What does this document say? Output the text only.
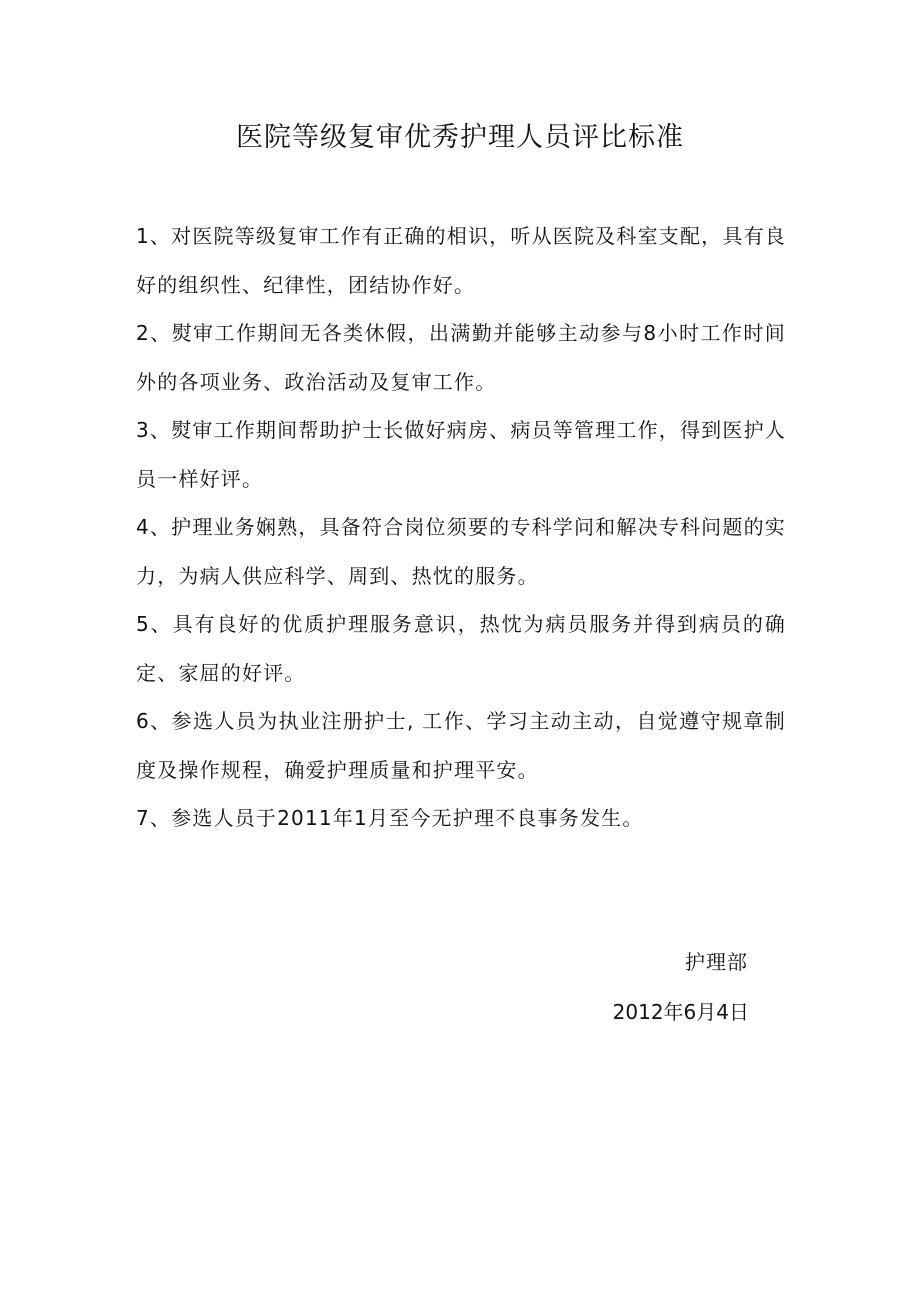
医院等级复审优秀护理人员评比标准
1、对医院等级复审工作有正确的相识，听从医院及科室支配，具有良好的组织性、纪律性，团结协作好。
2、熨审工作期间无各类休假，出满勤并能够主动参与8小时工作时间外的各项业务、政治活动及复审工作。
3、熨审工作期间帮助护士长做好病房、病员等管理工作，得到医护人员一样好评。
4、护理业务娴熟，具备符合岗位须要的专科学问和解决专科问题的实力，为病人供应科学、周到、热忱的服务。
5、具有良好的优质护理服务意识，热忱为病员服务并得到病员的确定、家屈的好评。
6、参选人员为执业注册护士, 工作、学习主动主动，自觉遵守规章制度及操作规程，确爱护理质量和护理平安。
7、参选人员于2011年1月至今无护理不良事务发生。
护理部
2012年6月4日
